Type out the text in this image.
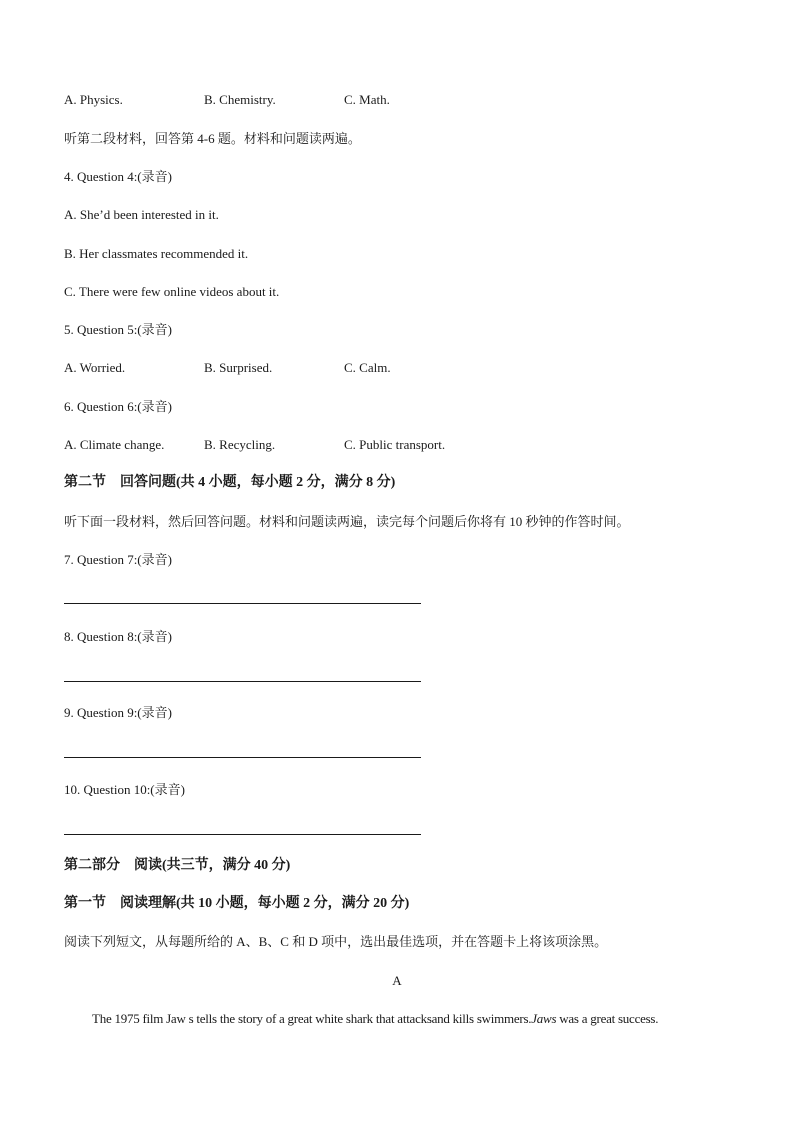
A. Physics.	B. Chemistry.	C. Math.
听第二段材料，回答第 4-6 题。材料和问题读两遍。
4. Question 4:(录音)
A. She’d been interested in it.
B. Her classmates recommended it.
C. There were few online videos about it.
5. Question 5:(录音)
A. Worried.	B. Surprised.	C. Calm.
6. Question 6:(录音)
A. Climate change.	B. Recycling.	C. Public transport.
第二节　回答问题(共 4 小题，每小题 2 分，满分 8 分)
听下面一段材料，然后回答问题。材料和问题读两遍，读完每个问题后你将有 10 秒钟的作答时间。
7. Question 7:(录音)
8. Question 8:(录音)
9. Question 9:(录音)
10. Question 10:(录音)
第二部分　阅读(共三节，满分 40 分)
第一节　阅读理解(共 10 小题，每小题 2 分，满分 20 分)
阅读下列短文，从每题所给的 A、B、C 和 D 项中，选出最佳选项，并在答题卡上将该项涂黑。
A
The 1975 film Jaw s tells the story of a great white shark that attacksand kills swimmers.Jaws was a great success.
